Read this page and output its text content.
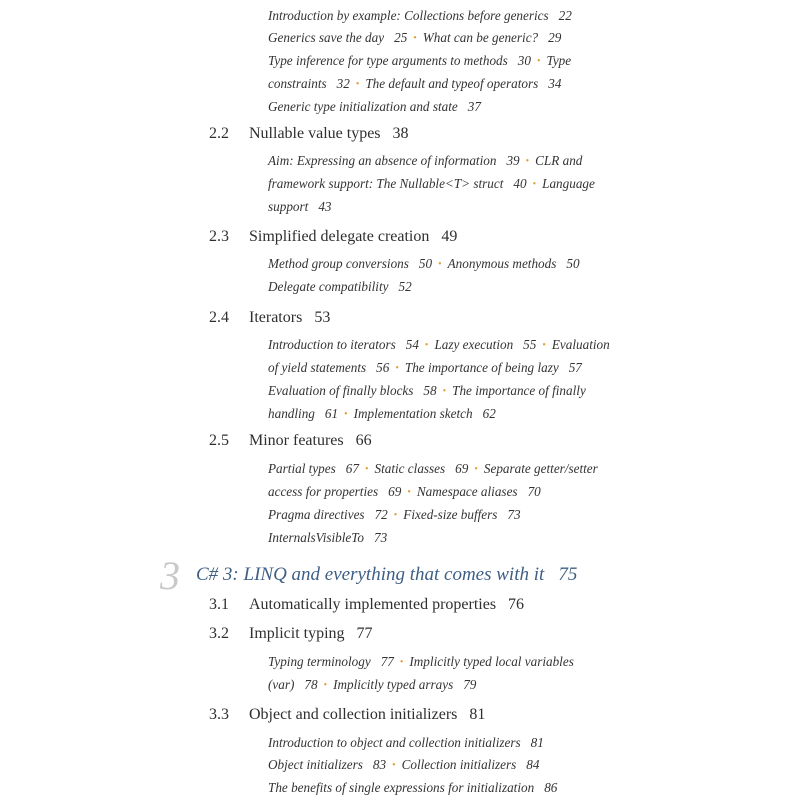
Introduction by example: Collections before generics 22
Generics save the day 25 • What can be generic? 29
Type inference for type arguments to methods 30 • Type
constraints 32 • The default and typeof operators 34
Generic type initialization and state 37
2.2 Nullable value types 38
Aim: Expressing an absence of information 39 • CLR and
framework support: The Nullable<T> struct 40 • Language
support 43
2.3 Simplified delegate creation 49
Method group conversions 50 • Anonymous methods 50
Delegate compatibility 52
2.4 Iterators 53
Introduction to iterators 54 • Lazy execution 55 • Evaluation
of yield statements 56 • The importance of being lazy 57
Evaluation of finally blocks 58 • The importance of finally
handling 61 • Implementation sketch 62
2.5 Minor features 66
Partial types 67 • Static classes 69 • Separate getter/setter
access for properties 69 • Namespace aliases 70
Pragma directives 72 • Fixed-size buffers 73
InternalsVisibleTo 73
3 C# 3: LINQ and everything that comes with it 75
3.1 Automatically implemented properties 76
3.2 Implicit typing 77
Typing terminology 77 • Implicitly typed local variables
(var) 78 • Implicitly typed arrays 79
3.3 Object and collection initializers 81
Introduction to object and collection initializers 81
Object initializers 83 • Collection initializers 84
The benefits of single expressions for initialization 86
